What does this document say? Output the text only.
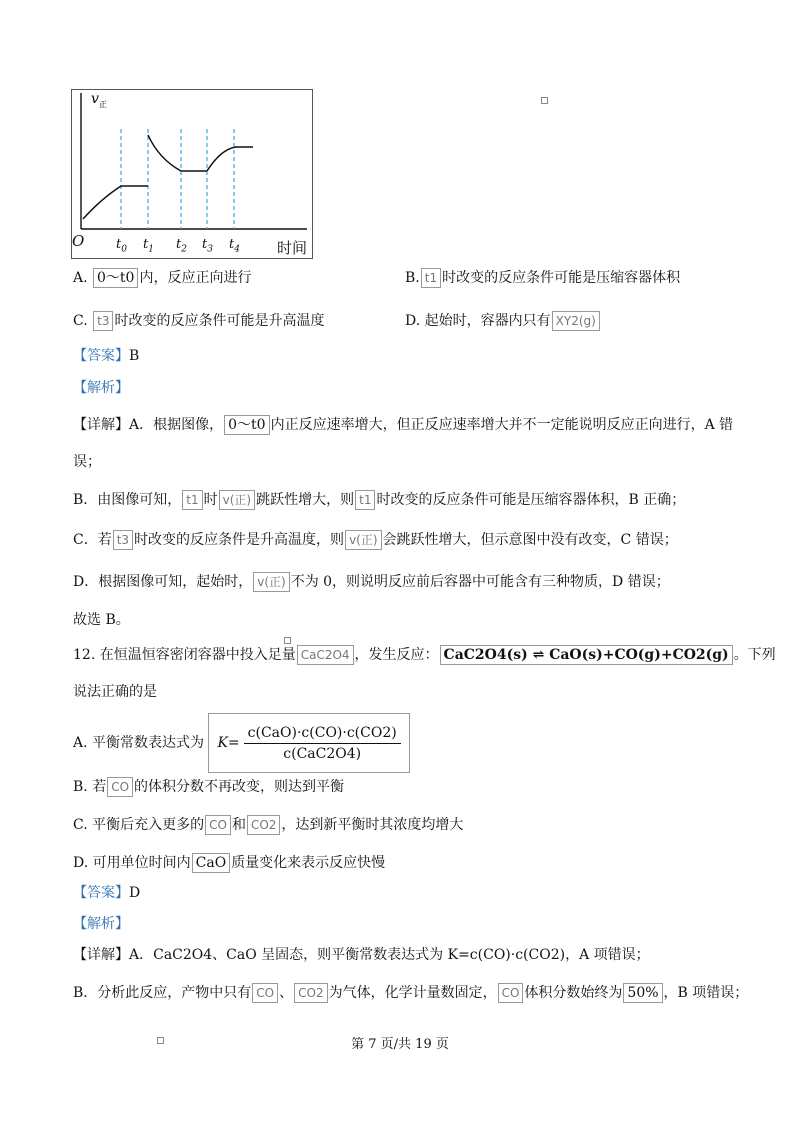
v 正
O $t_0$ $t_1$ $t_2$ $t_3$ $t_4$ 时间
A. 0～t0 内，反应正向进行	B. t1 时改变的反应条件可能是压缩容器体积
C. t3 时改变的反应条件可能是升高温度	D. 起始时，容器内只有 XY2(g)
【答案】B
【解析】
【详解】A．根据图像， 0～t0 内正反应速率增大，但正反应速率增大并不一定能说明反应正向进行，A 错
误；
B．由图像可知， t1 时 v(正) 跳跃性增大，则 t1 时改变的反应条件可能是压缩容器体积，B 正确；
C．若 t3 时改变的反应条件是升高温度，则 v(正) 会跳跃性增大，但示意图中没有改变，C 错误；
D．根据图像可知，起始时， v(正) 不为 0，则说明反应前后容器中可能含有三种物质，D 错误；
故选 B。
12. 在恒温恒容密闭容器中投入足量 CaC2O4 ，发生反应： CaC2O4(s) ⇌ CaO(s)+CO(g)+CO2(g) 。下列
说法正确的是
A. 平衡常数表达式为 $K= \frac{\text{c(CaO)·c(CO)·c(CO2)}}{\text{c(CaC2O4)}}$
B. 若 CO 的体积分数不再改变，则达到平衡
C. 平衡后充入更多的 CO 和 CO2 ，达到新平衡时其浓度均增大
D. 可用单位时间内 CaO 质量变化来表示反应快慢
【答案】D
【解析】
【详解】A．CaC2O4、CaO 呈固态，则平衡常数表达式为 K=c(CO)·c(CO2)，A 项错误；
B．分析此反应，产物中只有 CO 、 CO2 为气体，化学计量数固定， CO 体积分数始终为 50% ，B 项错误；
第 7 页/共 19 页
